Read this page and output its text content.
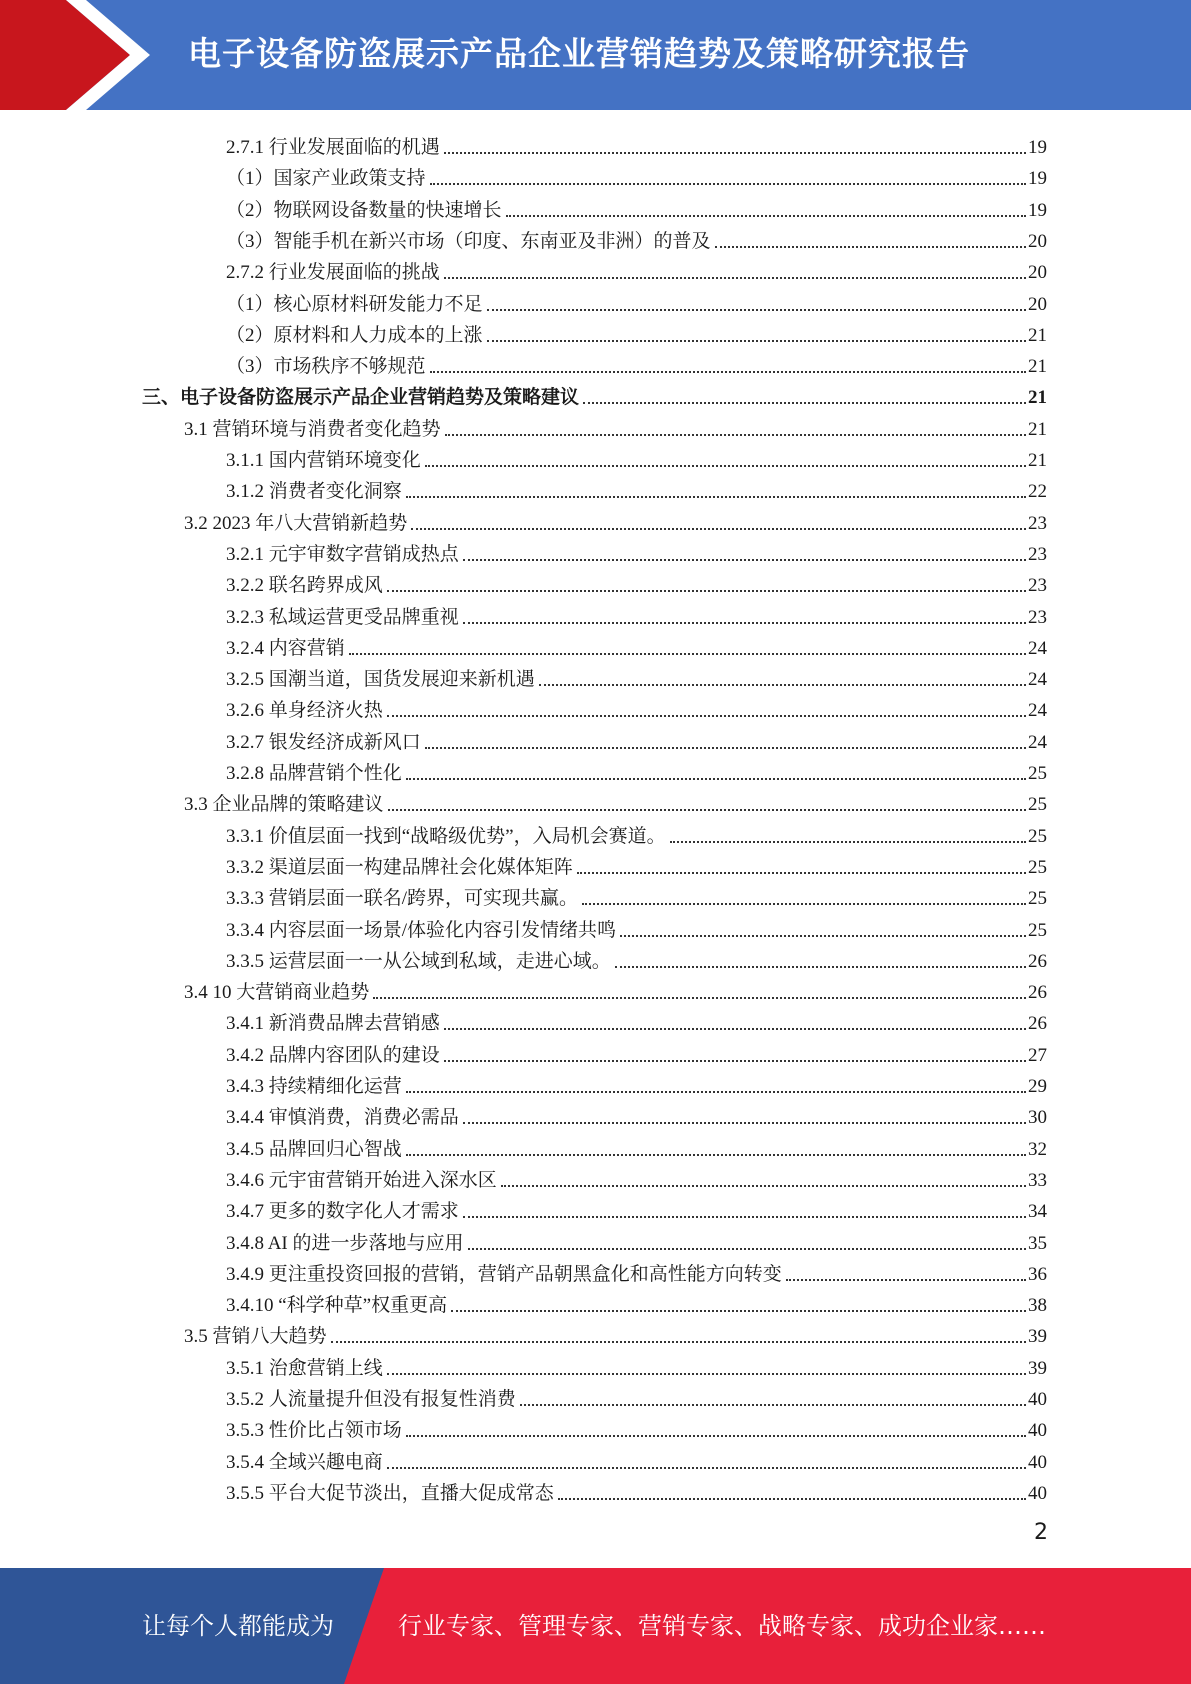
电子设备防盗展示产品企业营销趋势及策略研究报告
2.7.1 行业发展面临的机遇	19
（1）国家产业政策支持	19
（2）物联网设备数量的快速增长	19
（3）智能手机在新兴市场（印度、东南亚及非洲）的普及	20
2.7.2 行业发展面临的挑战	20
（1）核心原材料研发能力不足	20
（2）原材料和人力成本的上涨	21
（3）市场秩序不够规范	21
三、电子设备防盗展示产品企业营销趋势及策略建议	21
3.1 营销环境与消费者变化趋势	21
3.1.1 国内营销环境变化	21
3.1.2 消费者变化洞察	22
3.2 2023 年八大营销新趋势	23
3.2.1 元宇审数字营销成热点	23
3.2.2 联名跨界成风	23
3.2.3 私域运营更受品牌重视	23
3.2.4 内容营销	24
3.2.5 国潮当道，国货发展迎来新机遇	24
3.2.6 单身经济火热	24
3.2.7 银发经济成新风口	24
3.2.8 品牌营销个性化	25
3.3 企业品牌的策略建议	25
3.3.1 价值层面一找到“战略级优势”，入局机会赛道。	25
3.3.2 渠道层面一构建品牌社会化媒体矩阵	25
3.3.3 营销层面一联名/跨界，可实现共赢。	25
3.3.4 内容层面一场景/体验化内容引发情绪共鸣	25
3.3.5 运营层面一一从公域到私域，走进心域。	26
3.4 10 大营销商业趋势	26
3.4.1 新消费品牌去营销感	26
3.4.2 品牌内容团队的建设	27
3.4.3 持续精细化运营	29
3.4.4 审慎消费，消费必需品	30
3.4.5 品牌回归心智战	32
3.4.6 元宇宙营销开始进入深水区	33
3.4.7 更多的数字化人才需求	34
3.4.8 AI 的进一步落地与应用	35
3.4.9 更注重投资回报的营销，营销产品朝黑盒化和高性能方向转变	36
3.4.10 “科学种草”权重更高	38
3.5 营销八大趋势	39
3.5.1 治愈营销上线	39
3.5.2 人流量提升但没有报复性消费	40
3.5.3 性价比占领市场	40
3.5.4 全域兴趣电商	40
3.5.5 平台大促节淡出，直播大促成常态	40
2
让每个人都能成为	行业专家、管理专家、营销专家、战略专家、成功企业家……
